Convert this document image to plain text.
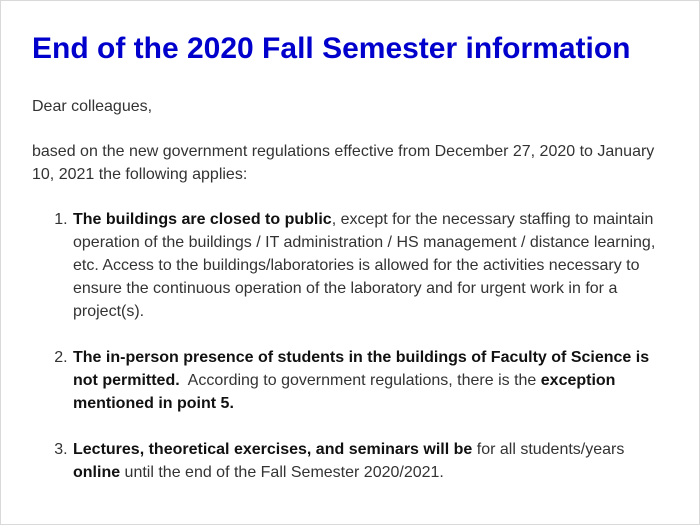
End of the 2020 Fall Semester information

Dear colleagues,

based on the new government regulations effective from December 27, 2020 to January 10, 2021 the following applies:

1. The buildings are closed to public, except for the necessary staffing to maintain operation of the buildings / IT administration / HS management / distance learning, etc. Access to the buildings/laboratories is allowed for the activities necessary to ensure the continuous operation of the laboratory and for urgent work in for a project(s).
2. The in-person presence of students in the buildings of Faculty of Science is not permitted.  According to government regulations, there is the exception mentioned in point 5.
3. Lectures, theoretical exercises, and seminars will be for all students/years online until the end of the Fall Semester 2020/2021.
